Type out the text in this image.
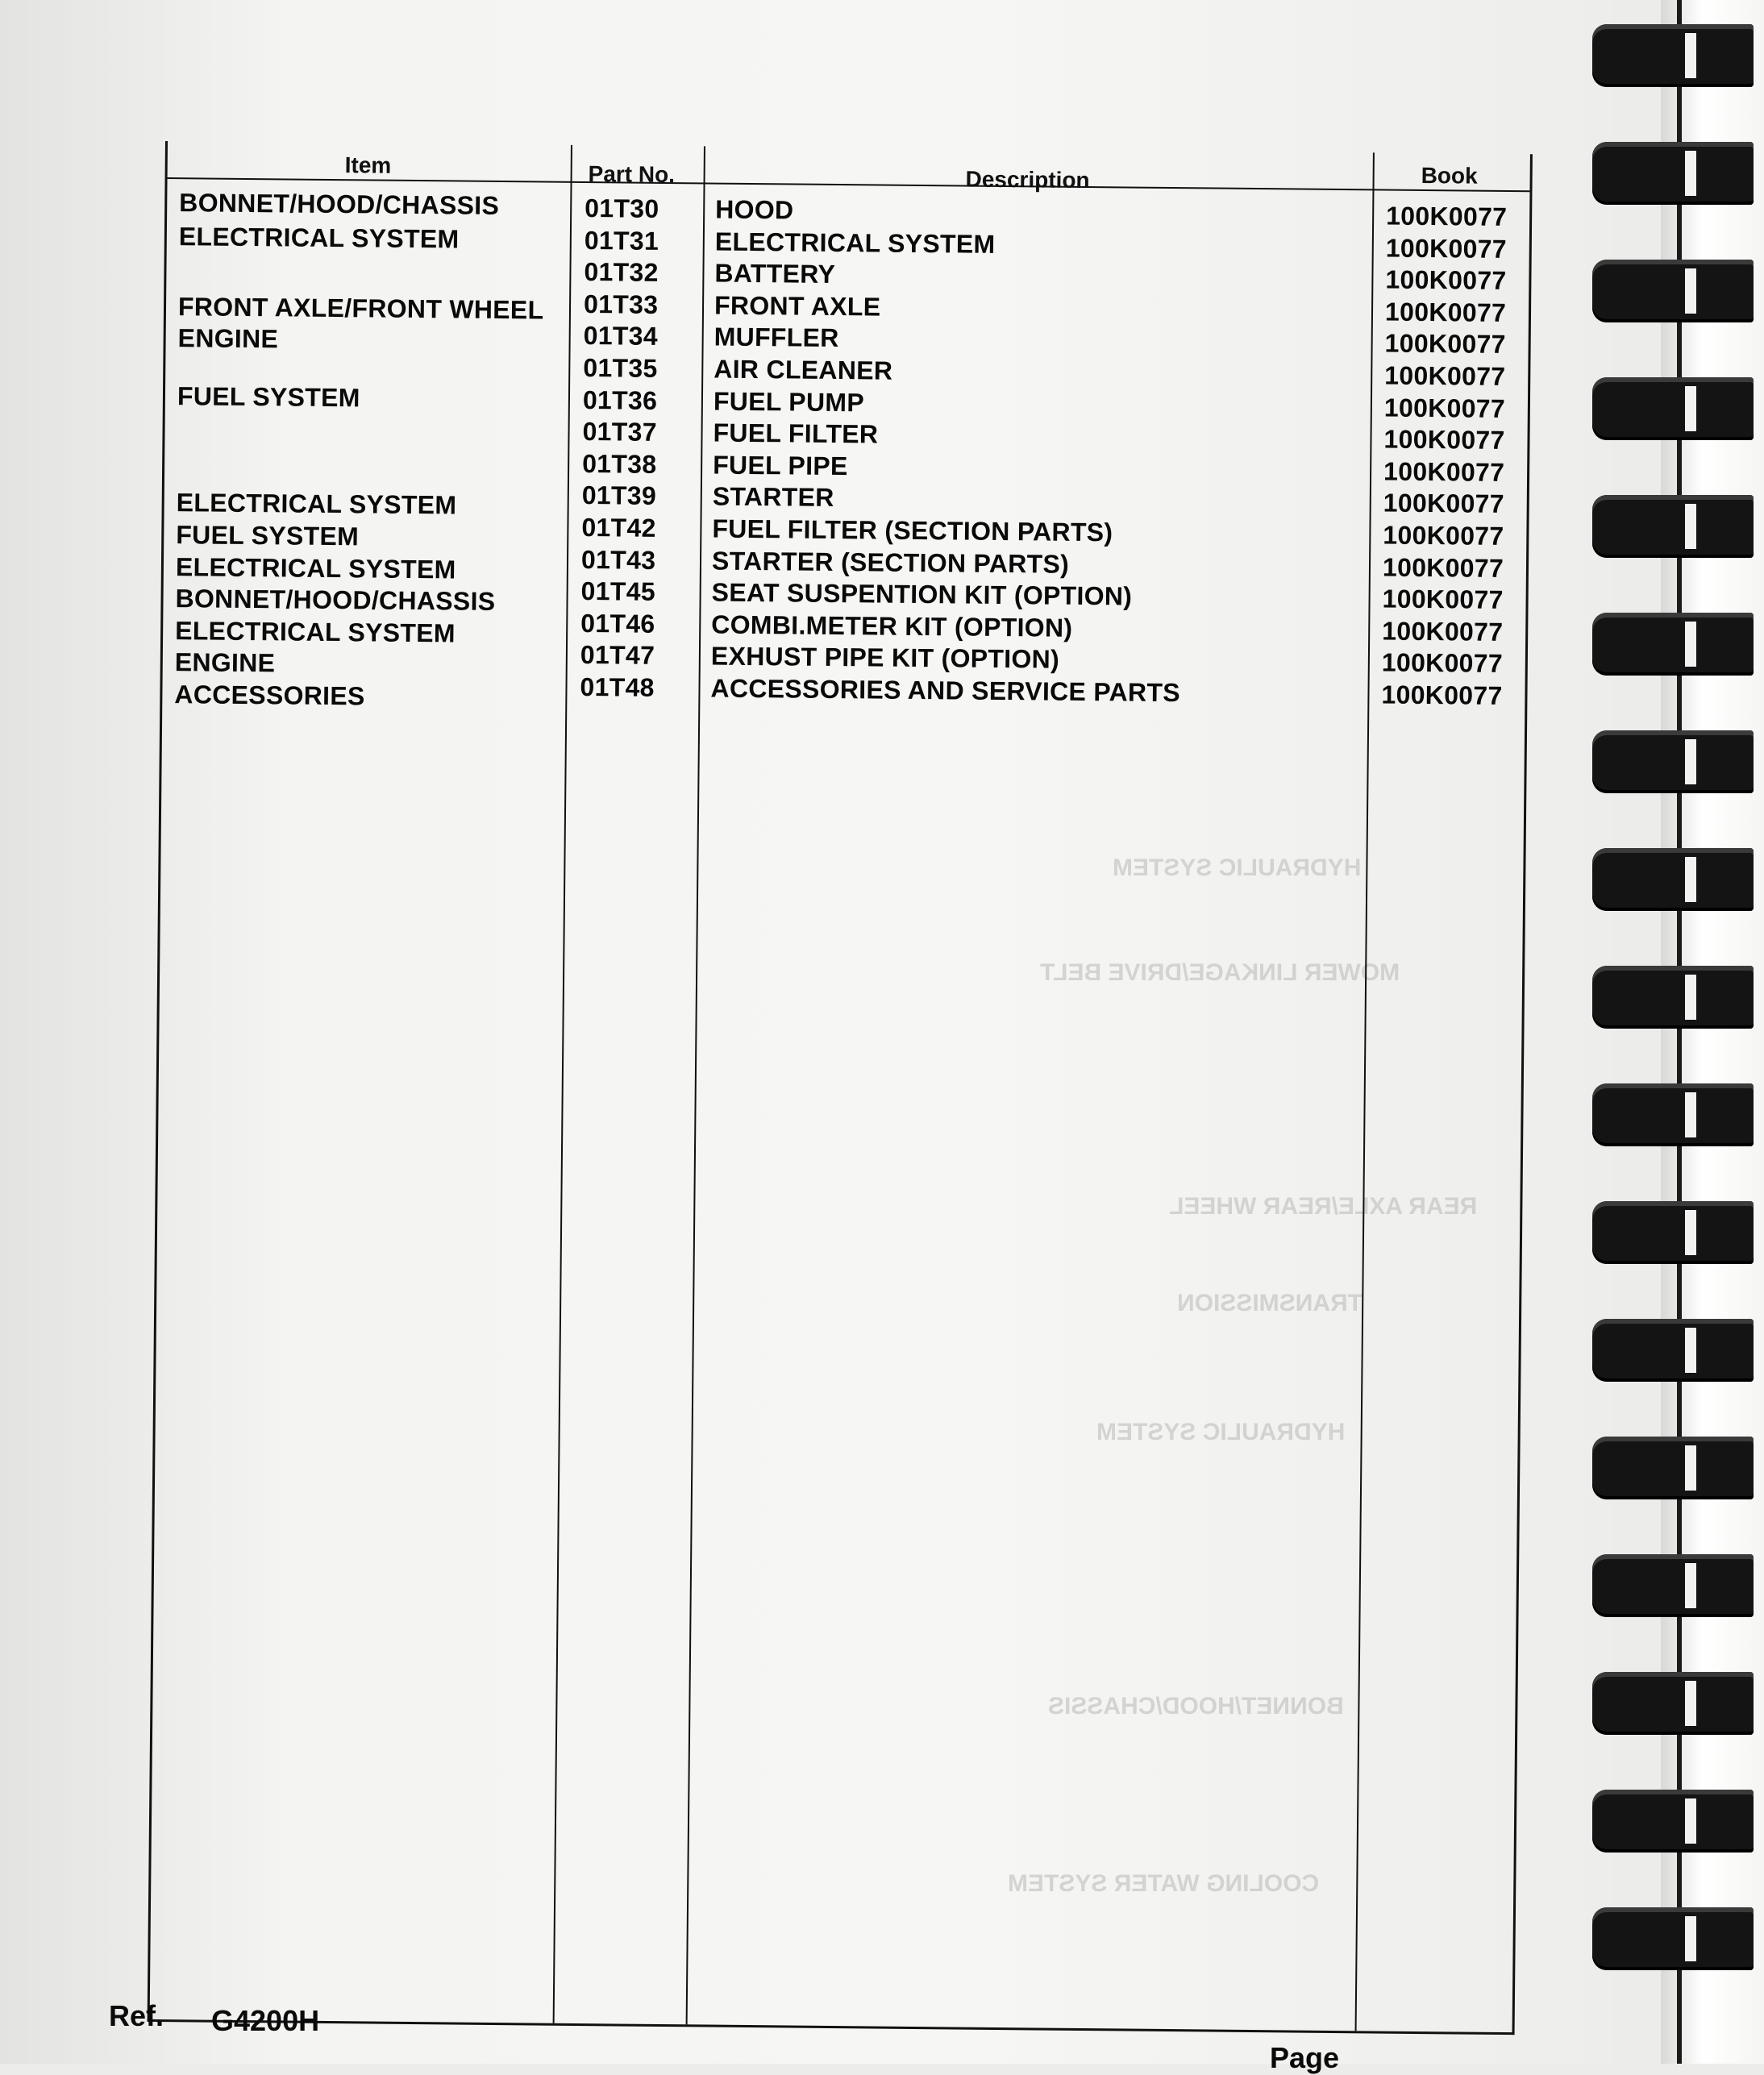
HYDRAULIC SYSTEM
MOWER LINKAGE/DRIVE BELT
REAR AXLE/REAR WHEEL
TRANSMISSION
HYDRAULIC SYSTEM
BONNET/HOOD/CHASSIS
COOLING WATER SYSTEM
Item	Part No.	Description	Book
BONNET/HOOD/CHASSIS	01T30 HOOD	100K0077
ELECTRICAL SYSTEM	01T31 ELECTRICAL SYSTEM	100K0077
01T32 BATTERY	100K0077
FRONT AXLE/FRONT WHEEL 01T33 FRONT AXLE	100K0077
ENGINE	01T34 MUFFLER	100K0077
01T35 AIR CLEANER	100K0077
FUEL SYSTEM	01T36 FUEL PUMP	100K0077
01T37 FUEL FILTER	100K0077
01T38 FUEL PIPE	100K0077
ELECTRICAL SYSTEM	01T39 STARTER	100K0077
FUEL SYSTEM	01T42 FUEL FILTER (SECTION PARTS)	100K0077
ELECTRICAL SYSTEM	01T43 STARTER (SECTION PARTS)	100K0077
BONNET/HOOD/CHASSIS	01T45 SEAT SUSPENTION KIT (OPTION)	100K0077
ELECTRICAL SYSTEM	01T46 COMBI.METER KIT (OPTION)	100K0077
ENGINE	01T47 EXHUST PIPE KIT (OPTION)	100K0077
ACCESSORIES	01T48 ACCESSORIES AND SERVICE PARTS	100K0077
Ref. G4200H
Page
